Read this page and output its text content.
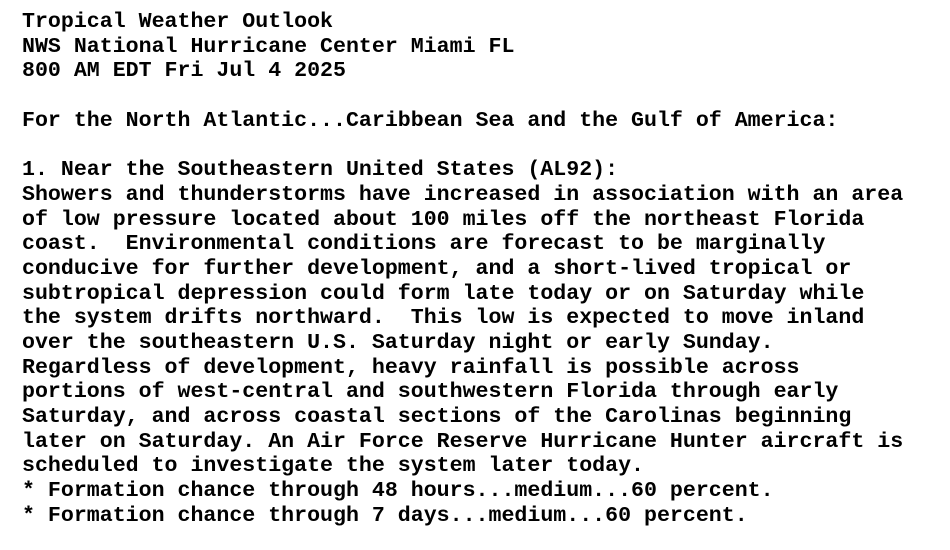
Tropical Weather Outlook
NWS National Hurricane Center Miami FL
800 AM EDT Fri Jul 4 2025
For the North Atlantic...Caribbean Sea and the Gulf of America:
1. Near the Southeastern United States (AL92):
Showers and thunderstorms have increased in association with an area
of low pressure located about 100 miles off the northeast Florida
coast.  Environmental conditions are forecast to be marginally
conducive for further development, and a short-lived tropical or
subtropical depression could form late today or on Saturday while
the system drifts northward.  This low is expected to move inland
over the southeastern U.S. Saturday night or early Sunday.
Regardless of development, heavy rainfall is possible across
portions of west-central and southwestern Florida through early
Saturday, and across coastal sections of the Carolinas beginning
later on Saturday. An Air Force Reserve Hurricane Hunter aircraft is
scheduled to investigate the system later today.
* Formation chance through 48 hours...medium...60 percent.
* Formation chance through 7 days...medium...60 percent.
